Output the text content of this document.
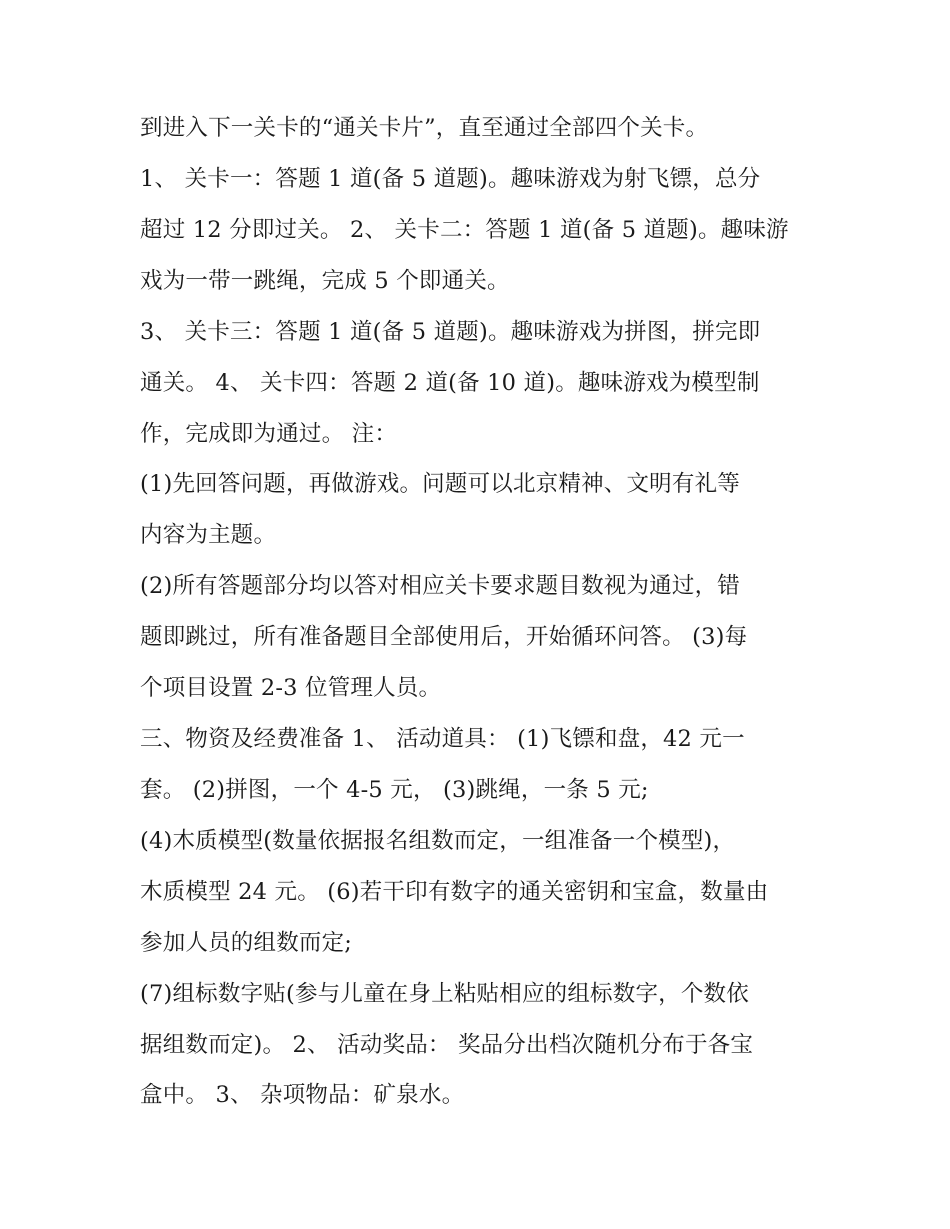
到进入下一关卡的“通关卡片”，直至通过全部四个关卡。
1、 关卡一：答题 1 道(备 5 道题)。趣味游戏为射飞镖，总分
超过 12 分即过关。 2、 关卡二：答题 1 道(备 5 道题)。趣味游
戏为一带一跳绳，完成 5 个即通关。
3、 关卡三：答题 1 道(备 5 道题)。趣味游戏为拼图，拼完即
通关。 4、 关卡四：答题 2 道(备 10 道)。趣味游戏为模型制
作，完成即为通过。 注：
(1)先回答问题，再做游戏。问题可以北京精神、文明有礼等
内容为主题。
(2)所有答题部分均以答对相应关卡要求题目数视为通过，错
题即跳过，所有准备题目全部使用后，开始循环问答。 (3)每
个项目设置 2-3 位管理人员。
三、物资及经费准备 1、 活动道具： (1)飞镖和盘，42 元一
套。 (2)拼图，一个 4-5 元， (3)跳绳，一条 5 元;
(4)木质模型(数量依据报名组数而定，一组准备一个模型)，
木质模型 24 元。 (6)若干印有数字的通关密钥和宝盒，数量由
参加人员的组数而定;
(7)组标数字贴(参与儿童在身上粘贴相应的组标数字，个数依
据组数而定)。 2、 活动奖品： 奖品分出档次随机分布于各宝
盒中。 3、 杂项物品：矿泉水。
